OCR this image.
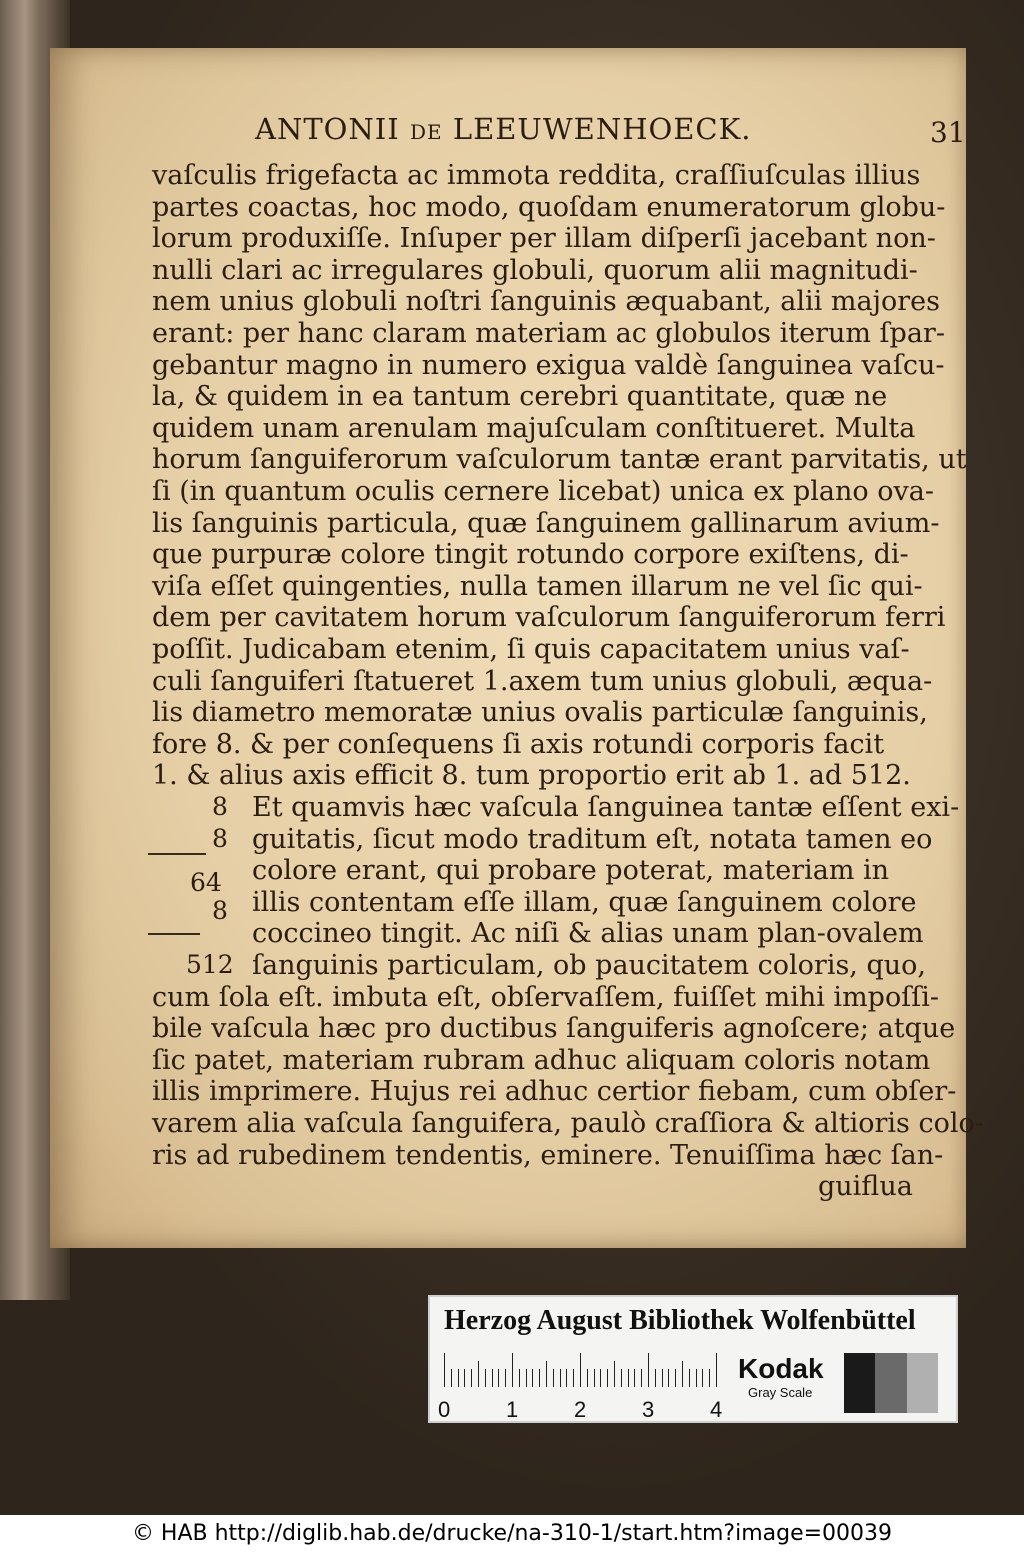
ANTONII DE LEEUWENHOECK.	31
vaſculis frigefacta ac immota reddita, craſſiuſculas illius
partes coactas, hoc modo, quoſdam enumeratorum globu-
lorum produxiſſe. Inſuper per illam diſperſi jacebant non-
nulli clari ac irregulares globuli, quorum alii magnitudi-
nem unius globuli noſtri ſanguinis æquabant, alii majores
erant: per hanc claram materiam ac globulos iterum ſpar-
gebantur magno in numero exigua valdè ſanguinea vaſcu-
la, & quidem in ea tantum cerebri quantitate, quæ ne
quidem unam arenulam majuſculam conſtitueret. Multa
horum ſanguiferorum vaſculorum tantæ erant parvitatis, ut
ſi (in quantum oculis cernere licebat) unica ex plano ova-
lis ſanguinis particula, quæ ſanguinem gallinarum avium-
que purpuræ colore tingit rotundo corpore exiſtens, di-
viſa eſſet quingenties, nulla tamen illarum ne vel ſic qui-
dem per cavitatem horum vaſculorum ſanguiferorum ferri
poſſit. Judicabam etenim, ſi quis capacitatem unius vaſ-
culi ſanguiferi ſtatueret 1.axem tum unius globuli, æqua-
lis diametro memoratæ unius ovalis particulæ ſanguinis,
fore 8. & per conſequens ſi axis rotundi corporis facit
1. & alius axis efficit 8. tum proportio erit ab 1. ad 512.
Et quamvis hæc vaſcula ſanguinea tantæ eſſent exi-
guitatis, ſicut modo traditum eſt, notata tamen eo
colore erant, qui probare poterat, materiam in
illis contentam eſſe illam, quæ ſanguinem colore
coccineo tingit. Ac niſi & alias unam plan-ovalem
ſanguinis particulam, ob paucitatem coloris, quo,
8
8
64
8
512
cum ſola eſt. imbuta eſt, obſervaſſem, fuiſſet mihi impoſſi-
bile vaſcula hæc pro ductibus ſanguiferis agnoſcere; atque
ſic patet, materiam rubram adhuc aliquam coloris notam
illis imprimere. Hujus rei adhuc certior fiebam, cum obſer-
varem alia vaſcula ſanguifera, paulò craſſiora & altioris colo-
ris ad rubedinem tendentis, eminere. Tenuiſſima hæc ſan-
guiflua
Herzog August Bibliothek Wolfenbüttel
0	1	2	3	4
Kodak
Gray Scale
© HAB http://diglib.hab.de/drucke/na-310-1/start.htm?image=00039
